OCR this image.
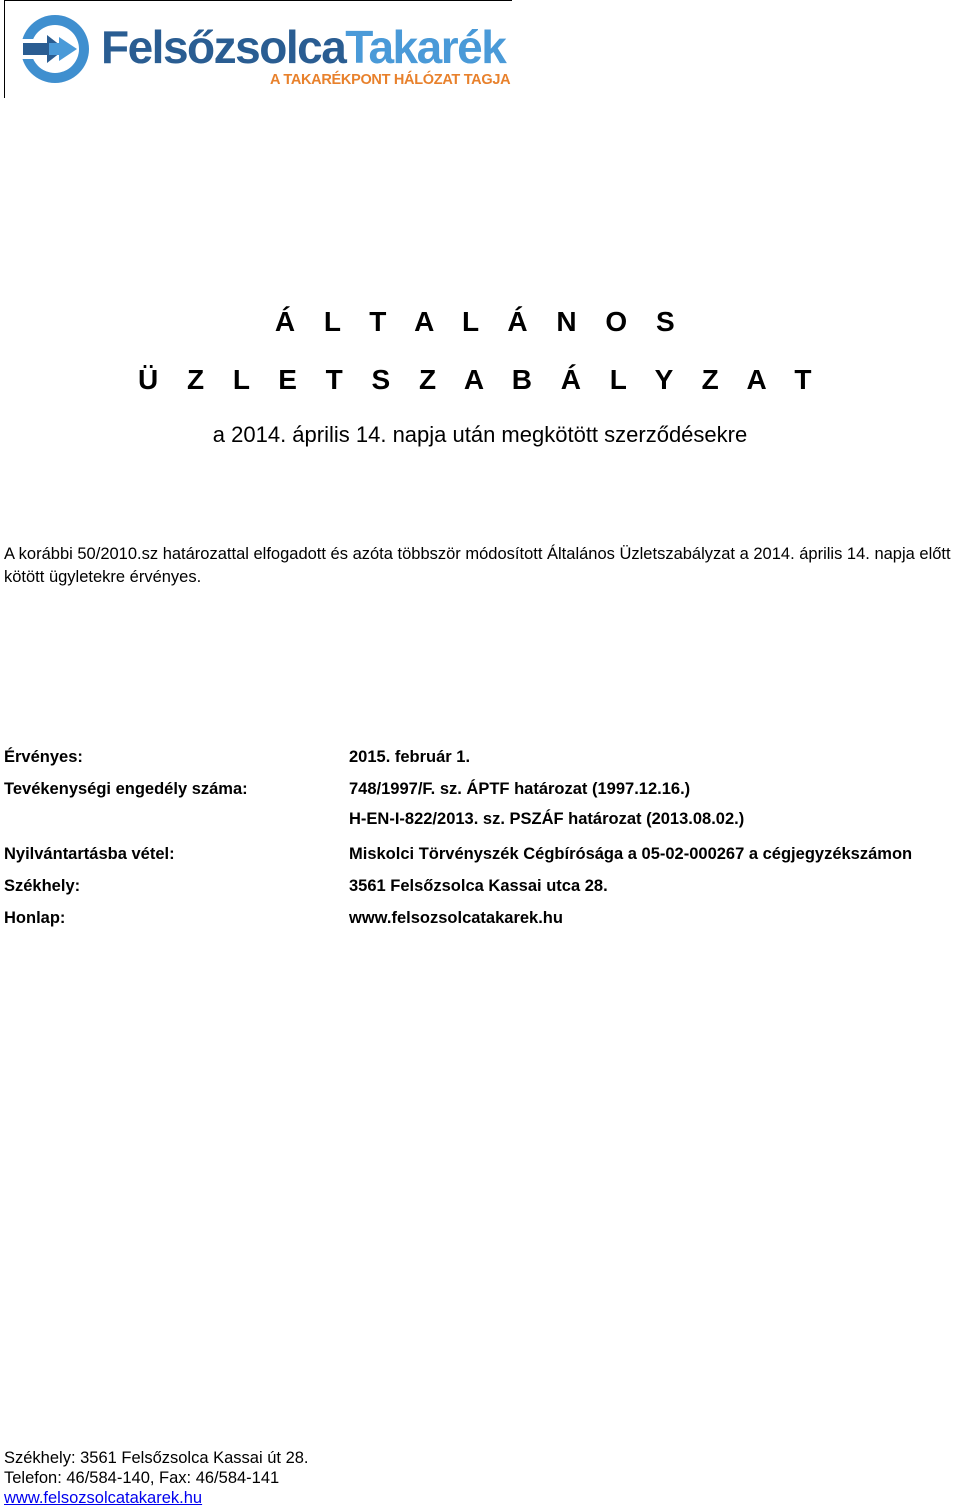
FelsőzsolcaTakarék
A TAKARÉKPONT HÁLÓZAT TAGJA
Á L T A L Á N O S
Ü Z L E T S Z A B Á L Y Z A T
a 2014. április 14. napja után megkötött szerződésekre
A korábbi 50/2010.sz határozattal elfogadott és azóta többször módosított Általános Üzletszabályzat a 2014. április 14. napja előtt kötött ügyletekre érvényes.
Érvényes:	2015. február 1.
Tevékenységi engedély száma:	748/1997/F. sz. ÁPTF határozat (1997.12.16.)
H-EN-I-822/2013. sz. PSZÁF határozat (2013.08.02.)
Nyilvántartásba vétel:	Miskolci Törvényszék Cégbírósága a 05-02-000267 a cégjegyzékszámon
Székhely:	3561 Felsőzsolca Kassai utca 28.
Honlap:	www.felsozsolcatakarek.hu
Székhely: 3561 Felsőzsolca Kassai út 28.
Telefon: 46/584-140, Fax: 46/584-141
www.felsozsolcatakarek.hu
